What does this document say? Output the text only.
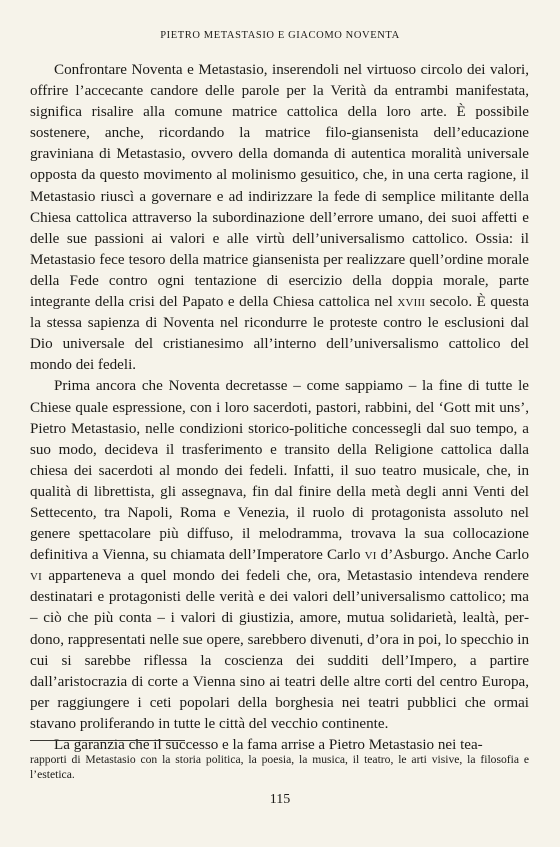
PIETRO METASTASIO E GIACOMO NOVENTA

Confrontare Noventa e Metastasio, inserendoli nel virtuoso circolo dei valori, offrire l’accecante candore delle parole per la Verità da entrambi manifestata, significa risalire alla comune matrice cattolica della loro arte. È possibile sostenere, anche, ricordando la matrice filo-giansenista dell’educazione graviniana di Metastasio, ovvero della domanda di autentica moralità universale opposta da questo movimento al molinismo gesuitico, che, in una certa ragione, il Metastasio riuscì a governare e ad indirizzare la fede di semplice militante della Chiesa cattolica attraverso la subordinazione dell’errore umano, dei suoi affetti e delle sue passioni ai valori e alle virtù dell’universalismo cattolico. Ossia: il Metastasio fece tesoro della matrice giansenista per realizzare quell’ordine morale della Fede contro ogni tentazione di esercizio della doppia morale, parte integrante della crisi del Papato e della Chiesa cattolica nel xviii secolo. È questa la stessa sapienza di Noventa nel ricondurre le proteste contro le esclusioni dal Dio universale del cristianesimo all’interno dell’universalismo cattolico del mondo dei fedeli.

Prima ancora che Noventa decretasse – come sappiamo – la fine di tutte le Chiese quale espressione, con i loro sacerdoti, pastori, rabbini, del ‘Gott mit uns’, Pietro Metastasio, nelle condizioni storico-politiche concessegli dal suo tempo, a suo modo, decideva il trasferimento e transito della Religione cattolica dalla chiesa dei sacerdoti al mondo dei fedeli. Infatti, il suo teatro musicale, che, in qualità di librettista, gli assegnava, fin dal finire della metà degli anni Venti del Settecento, tra Napoli, Roma e Venezia, il ruolo di protagonista assoluto nel genere spettacolare più diffuso, il melodramma, trovava la sua collocazione definitiva a Vienna, su chiamata dell’Imperatore Carlo vi d’Asburgo. Anche Carlo vi apparteneva a quel mondo dei fedeli che, ora, Metastasio intendeva rendere destinatari e protagonisti delle verità e dei valori dell’universalismo cattolico; ma – ciò che più conta – i valori di giustizia, amore, mutua solidarietà, lealtà, perdono, rappresentati nelle sue opere, sarebbero divenuti, d’ora in poi, lo specchio in cui si sarebbe riflessa la coscienza dei sudditi dell’Impero, a partire dall’aristocrazia di corte a Vienna sino ai teatri delle altre corti del centro Europa, per raggiungere i ceti popolari della borghesia nei teatri pubblici che ormai stavano proliferando in tutte le città del vecchio continente.

La garanzia che il successo e la fama arrise a Pietro Metastasio nei tea-

rapporti di Metastasio con la storia politica, la poesia, la musica, il teatro, le arti visive, la filosofia e l’estetica.
115
